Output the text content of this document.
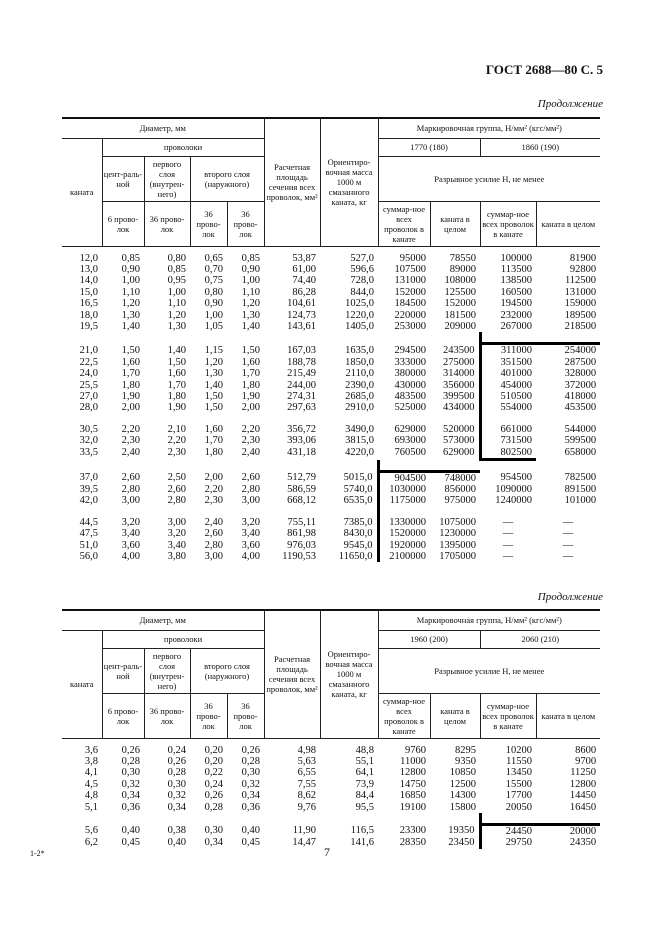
ГОСТ 2688—80 С. 5
Продолжение
Диаметр, мм					Расчетная площадь сечения всех проволок, мм²	Ориентиро-вочная масса 1000 м смазанного каната, кг	Маркировочная группа, Н/мм² (кгс/мм²)			
каната	проволоки						1770 (180)		1860 (190)	
	цент-раль-ной	первого слоя (внутрен-него)	второго слоя (наружного)				Разрывное усилие Н, не менее			
	6 прово-лок	36 прово-лок	36 прово-лок	36 прово-лок			суммар-ное всех проволок в канате	каната в целом	суммар-ное всех проволок в канате	каната в целом
12,0	0,85	0,80	0,65	0,85	53,87	527,0	95000	78550	100000	81900
13,0	0,90	0,85	0,70	0,90	61,00	596,6	107500	89000	113500	92800
14,0	1,00	0,95	0,75	1,00	74,40	728,0	131000	108000	138500	112500
15,0	1,10	1,00	0,80	1,10	86,28	844,0	152000	125500	160500	131000
16,5	1,20	1,10	0,90	1,20	104,61	1025,0	184500	152000	194500	159000
18,0	1,30	1,20	1,00	1,30	124,73	1220,0	220000	181500	232000	189500
19,5	1,40	1,30	1,05	1,40	143,61	1405,0	253000	209000	267000	218500

21,0	1,50	1,40	1,15	1,50	167,03	1635,0	294500	243500	311000	254000
22,5	1,60	1,50	1,20	1,60	188,78	1850,0	333000	275000	351500	287500
24,0	1,70	1,60	1,30	1,70	215,49	2110,0	380000	314000	401000	328000
25,5	1,80	1,70	1,40	1,80	244,00	2390,0	430000	356000	454000	372000
27,0	1,90	1,80	1,50	1,90	274,31	2685,0	483500	399500	510500	418000
28,0	2,00	1,90	1,50	2,00	297,63	2910,0	525000	434000	554000	453500

30,5	2,20	2,10	1,60	2,20	356,72	3490,0	629000	520000	661000	544000
32,0	2,30	2,20	1,70	2,30	393,06	3815,0	693000	573000	731500	599500
33,5	2,40	2,30	1,80	2,40	431,18	4220,0	760500	629000	802500	658000

37,0	2,60	2,50	2,00	2,60	512,79	5015,0	904500	748000	954500	782500
39,5	2,80	2,60	2,20	2,80	586,59	5740,0	1030000	856000	1090000	891500
42,0	3,00	2,80	2,30	3,00	668,12	6535,0	1175000	975000	1240000	101000

44,5	3,20	3,00	2,40	3,20	755,11	7385,0	1330000	1075000	—	—
47,5	3,40	3,20	2,60	3,40	861,98	8430,0	1520000	1230000	—	—
51,0	3,60	3,40	2,80	3,60	976,03	9545,0	1920000	1395000	—	—
56,0	4,00	3,80	3,00	4,00	1190,53	11650,0	2100000	1705000	—	—
Продолжение
Диаметр, мм					Расчетная площадь сечения всех проволок, мм²	Ориентиро-вочная масса 1000 м смазанного каната, кг	Маркировочная группа, Н/мм² (кгс/мм²)			
каната	проволоки						1960 (200)		2060 (210)	
	цент-раль-ной	первого слоя (внутрен-него)	второго слоя (наружного)				Разрывное усилие Н, не менее			
	6 прово-лок	36 прово-лок	36 прово-лок	36 прово-лок			суммар-ное всех проволок в канате	каната в целом	суммар-ное всех проволок в канате	каната в целом
3,6	0,26	0,24	0,20	0,26	4,98	48,8	9760	8295	10200	8600
3,8	0,28	0,26	0,20	0,28	5,63	55,1	11000	9350	11550	9700
4,1	0,30	0,28	0,22	0,30	6,55	64,1	12800	10850	13450	11250
4,5	0,32	0,30	0,24	0,32	7,55	73,9	14750	12500	15500	12800
4,8	0,34	0,32	0,26	0,34	8,62	84,4	16850	14300	17700	14450
5,1	0,36	0,34	0,28	0,36	9,76	95,5	19100	15800	20050	16450

5,6	0,40	0,38	0,30	0,40	11,90	116,5	23300	19350	24450	20000
6,2	0,45	0,40	0,34	0,45	14,47	141,6	28350	23450	29750	24350
1-2*	7
